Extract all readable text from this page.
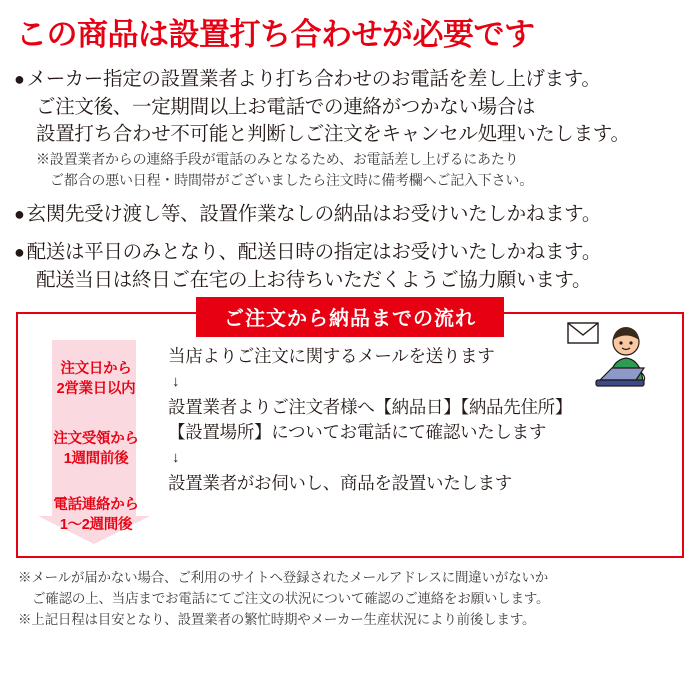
この商品は設置打ち合わせが必要です
● メーカー指定の設置業者より打ち合わせのお電話を差し上げます。
ご注文後、一定期間以上お電話での連絡がつかない場合は
設置打ち合わせ不可能と判断しご注文をキャンセル処理いたします。
※設置業者からの連絡手段が電話のみとなるため、お電話差し上げるにあたり
ご都合の悪い日程・時間帯がございましたら注文時に備考欄へご記入下さい。
● 玄関先受け渡し等、設置作業なしの納品はお受けいたしかねます。
● 配送は平日のみとなり、配送日時の指定はお受けいたしかねます。
配送当日は終日ご在宅の上お待ちいただくようご協力願います。
ご注文から納品までの流れ
注文日から
2営業日以内
注文受領から
1週間前後
電話連絡から
1～2週間後
当店よりご注文に関するメールを送ります
↓
設置業者よりご注文者様へ【納品日】【納品先住所】
【設置場所】についてお電話にて確認いたします
↓
設置業者がお伺いし、商品を設置いたします
※メールが届かない場合、ご利用のサイトへ登録されたメールアドレスに間違いがないか
ご確認の上、当店までお電話にてご注文の状況について確認のご連絡をお願いします。
※上記日程は目安となり、設置業者の繁忙時期やメーカー生産状況により前後します。
